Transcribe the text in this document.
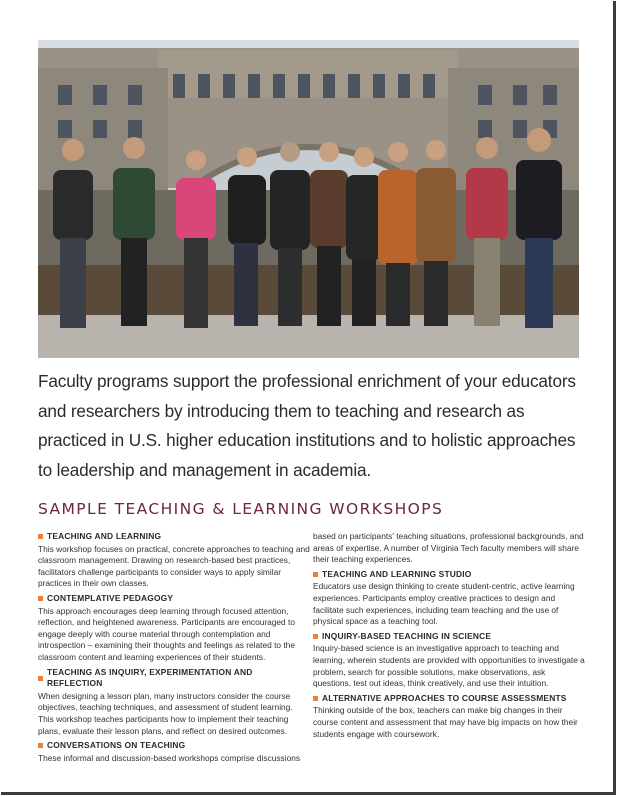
Faculty programs support the professional enrichment of your educators and researchers by introducing them to teaching and research as practiced in U.S. higher education institutions and to holistic approaches to leadership and management in academia.
SAMPLE TEACHING & LEARNING WORKSHOPS
TEACHING AND LEARNING

This workshop focuses on practical, concrete approaches to teaching and classroom management. Drawing on research-based best practices, facilitators challenge participants to consider ways to apply similar practices in their own classes.

CONTEMPLATIVE PEDAGOGY

This approach encourages deep learning through focused attention, reflection, and heightened awareness. Participants are encouraged to engage deeply with course material through contemplation and introspection – examining their thoughts and feelings as related to the classroom content and learning experiences of their students.

TEACHING AS INQUIRY, EXPERIMENTATION AND REFLECTION

When designing a lesson plan, many instructors consider the course objectives, teaching techniques, and assessment of student learning. This workshop teaches participants how to implement their teaching plans, evaluate their lesson plans, and reflect on desired outcomes.

CONVERSATIONS ON TEACHING

These informal and discussion-based workshops comprise discussions

based on participants' teaching situations, professional backgrounds, and areas of expertise. A number of Virginia Tech faculty members will share their teaching experiences.

TEACHING AND LEARNING STUDIO

Educators use design thinking to create student-centric, active learning experiences. Participants employ creative practices to design and facilitate such experiences, including team teaching and the use of physical space as a teaching tool.

INQUIRY-BASED TEACHING IN SCIENCE

Inquiry-based science is an investigative approach to teaching and learning, wherein students are provided with opportunities to investigate a problem, search for possible solutions, make observations, ask questions, test out ideas, think creatively, and use their intuition.

ALTERNATIVE APPROACHES TO COURSE ASSESSMENTS

Thinking outside of the box, teachers can make big changes in their course content and assessment that may have big impacts on how their students engage with coursework.
